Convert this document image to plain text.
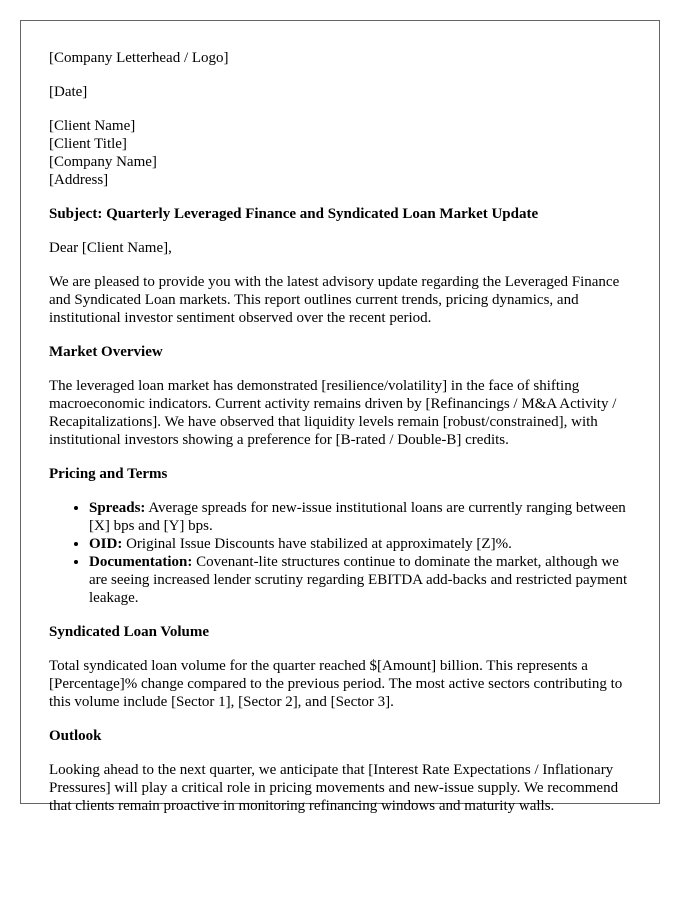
[Company Letterhead / Logo]

[Date]

[Client Name]
[Client Title]
[Company Name]
[Address]

Subject: Quarterly Leveraged Finance and Syndicated Loan Market Update

Dear [Client Name],

We are pleased to provide you with the latest advisory update regarding the Leveraged Finance and Syndicated Loan markets. This report outlines current trends, pricing dynamics, and institutional investor sentiment observed over the recent period.

Market Overview

The leveraged loan market has demonstrated [resilience/volatility] in the face of shifting macroeconomic indicators. Current activity remains driven by [Refinancings / M&A Activity / Recapitalizations]. We have observed that liquidity levels remain [robust/constrained], with institutional investors showing a preference for [B-rated / Double-B] credits.

Pricing and Terms

• Spreads: Average spreads for new-issue institutional loans are currently ranging between [X] bps and [Y] bps.
• OID: Original Issue Discounts have stabilized at approximately [Z]%.
• Documentation: Covenant-lite structures continue to dominate the market, although we are seeing increased lender scrutiny regarding EBITDA add-backs and restricted payment leakage.

Syndicated Loan Volume

Total syndicated loan volume for the quarter reached $[Amount] billion. This represents a [Percentage]% change compared to the previous period. The most active sectors contributing to this volume include [Sector 1], [Sector 2], and [Sector 3].

Outlook

Looking ahead to the next quarter, we anticipate that [Interest Rate Expectations / Inflationary Pressures] will play a critical role in pricing movements and new-issue supply. We recommend that clients remain proactive in monitoring refinancing windows and maturity walls.
